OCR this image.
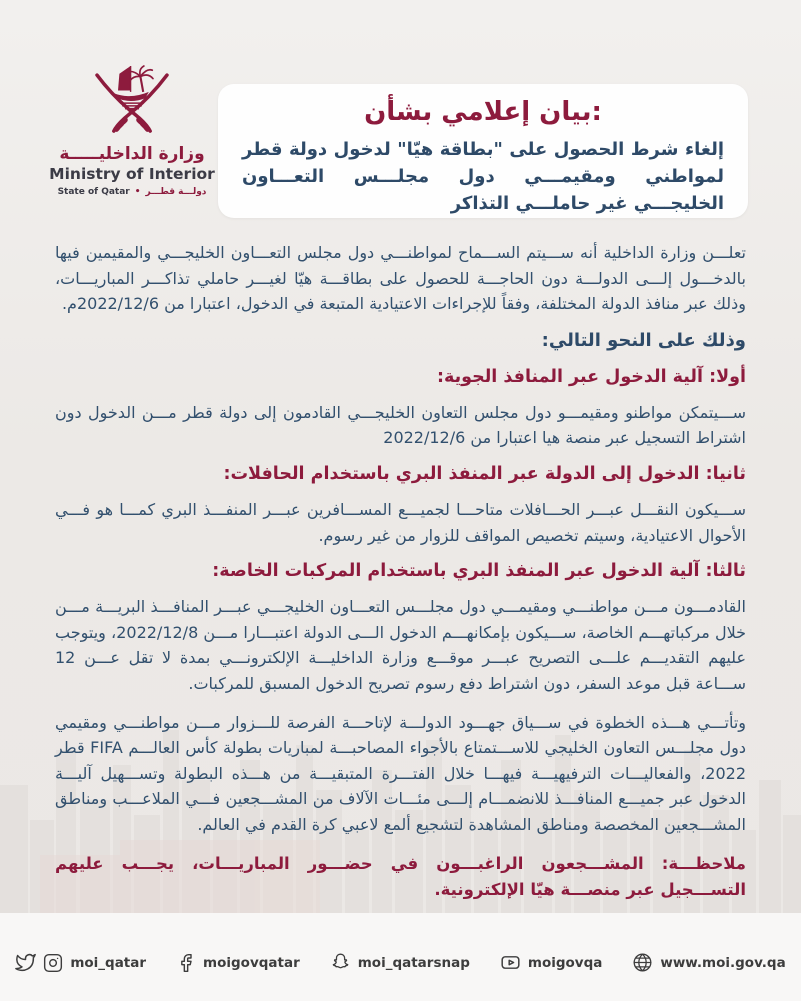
وزارة الداخليـــــة
Ministry of Interior
State of Qatar • دولـــة قطـــر
بيان إعلامي بشأن:
إلغاء شرط الحصول على "بطاقة هيّا" لدخول دولة قطر لمواطني ومقيمـــي دول مجلـــس التعـــاون الخليجـــي غير حاملـــي التذاكر

تعلـــن وزارة الداخلية أنه ســـيتم الســـماح لمواطنـــي دول مجلس التعـــاون الخليجـــي والمقيمين فيها بالدخـــول إلـــى الدولـــة دون الحاجـــة للحصول على بطاقـــة هيّا لغيـــر حاملي تذاكـــر المباريـــات، وذلك عبر منافذ الدولة المختلفة، وفقاً للإجراءات الاعتيادية المتبعة في الدخول، اعتبارا من 2022/12/6م.

وذلك على النحو التالي:
أولا: آلية الدخول عبر المنافذ الجوية:

ســـيتمكن مواطنو ومقيمـــو دول مجلس التعاون الخليجـــي القادمون إلى دولة قطر مـــن الدخول دون اشتراط التسجيل عبر منصة هيا اعتبارا من 2022/12/6

ثانيا: الدخول إلى الدولة عبر المنفذ البري باستخدام الحافلات:

ســـيكون النقـــل عبـــر الحـــافلات متاحـــا لجميـــع المســـافرين عبـــر المنفـــذ البري كمـــا هو فـــي الأحوال الاعتيادية، وسيتم تخصيص المواقف للزوار من غير رسوم.

ثالثا: آلية الدخول عبر المنفذ البري باستخدام المركبات الخاصة:

القادمـــون مـــن مواطنـــي ومقيمـــي دول مجلـــس التعـــاون الخليجـــي عبـــر المنافـــذ البريـــة مـــن خلال مركباتهـــم الخاصة، ســـيكون بإمكانهـــم الدخول الـــى الدولة اعتبـــارا مـــن 2022/12/8، ويتوجب عليهم التقديـــم علـــى التصريح عبـــر موقـــع وزارة الداخليـــة الإلكترونـــي بمدة لا تقل عـــن 12 ســـاعة قبل موعد السفر، دون اشتراط دفع رسوم تصريح الدخول المسبق للمركبات.

وتأتـــي هـــذه الخطوة في ســـياق جهـــود الدولـــة لإتاحـــة الفرصة للـــزوار مـــن مواطنـــي ومقيمي دول مجلـــس التعاون الخليجي للاســـتمتاع بالأجواء المصاحبـــة لمباريات بطولة كأس العالـــم FIFA قطر 2022، والفعاليـــات الترفيهيـــة فيهـــا خلال الفتـــرة المتبقيـــة من هـــذه البطولة وتســـهيل آليـــة الدخول عبر جميـــع المنافـــذ للانضمـــام إلـــى مئـــات الآلاف من المشـــجعين فـــي الملاعـــب ومناطق المشـــجعين المخصصة ومناطق المشاهدة لتشجيع ألمع لاعبي كرة القدم في العالم.

ملاحظـــة: المشـــجعون الراغبـــون في حضـــور المباريـــات، يجـــب عليهم التســـجيل عبر منصـــة هيّا الإلكترونية.
moi_qatar	moigovqatar	moi_qatarsnap	moigovqa	www.moi.gov.qa
